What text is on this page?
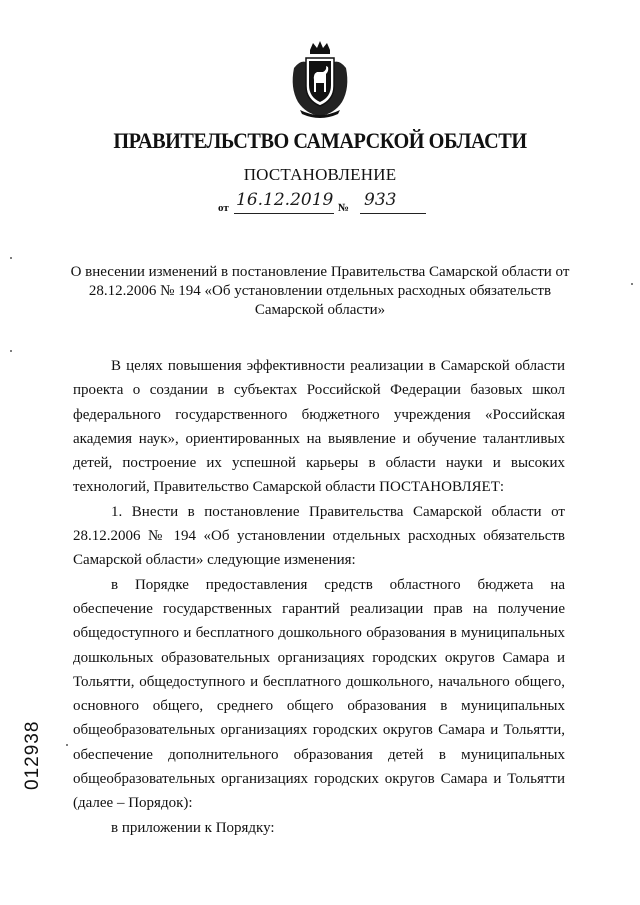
ПРАВИТЕЛЬСТВО САМАРСКОЙ ОБЛАСТИ
ПОСТАНОВЛЕНИЕ
от 16.12.2019 № 933
О внесении изменений в постановление Правительства Самарской области от 28.12.2006 № 194 «Об установлении отдельных расходных обязательств Самарской области»

В целях повышения эффективности реализации в Самарской области проекта о создании в субъектах Российской Федерации базовых школ федерального государственного бюджетного учреждения «Российская академия наук», ориентированных на выявление и обучение талантливых детей, построение их успешной карьеры в области науки и высоких технологий, Правительство Самарской области ПОСТАНОВЛЯЕТ:

1. Внести в постановление Правительства Самарской области от 28.12.2006 № 194 «Об установлении отдельных расходных обязательств Самарской области» следующие изменения:

в Порядке предоставления средств областного бюджета на обеспечение государственных гарантий реализации прав на получение общедоступного и бесплатного дошкольного образования в муниципальных дошкольных образовательных организациях городских округов Самара и Тольятти, общедоступного и бесплатного дошкольного, начального общего, основного общего, среднего общего образования в муниципальных общеобразовательных организациях городских округов Самара и Тольятти, обеспечение дополнительного образования детей в муниципальных общеобразовательных организациях городских округов Самара и Тольятти (далее – Порядок):

в приложении к Порядку:

012938
